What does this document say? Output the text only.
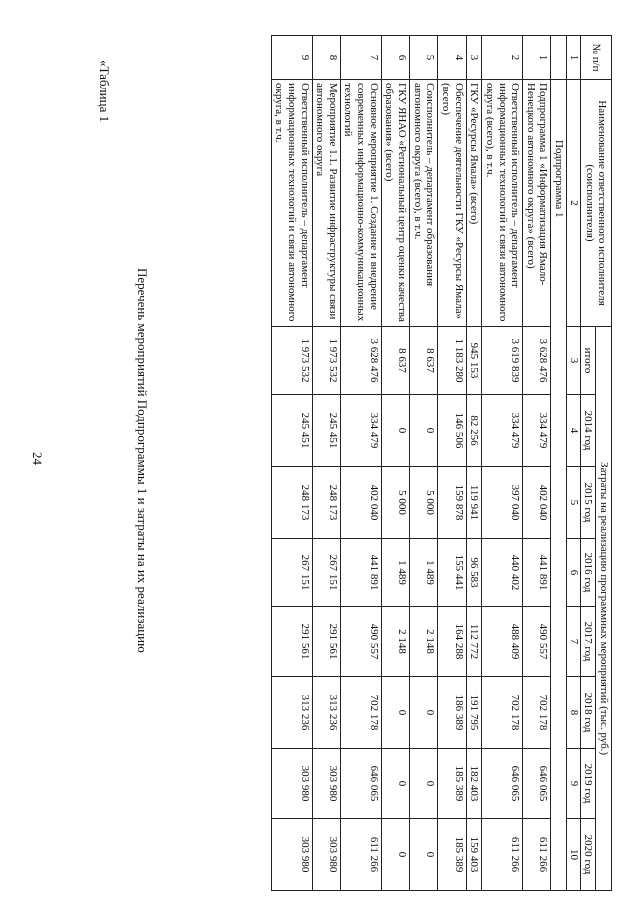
24
«Таблица 1
Перечень мероприятий Подпрограммы 1 и затраты на их реализацию
№ п/п	Наименование ответственного исполнителя (соисполнителя)	Затраты на реализацию программных мероприятий (тыс. руб.)							
		итого	2014 год	2015 год	2016 год	2017 год	2018 год	2019 год	2020 год
1	2	3	4	5	6	7	8	9	10
	Подпрограмма 1								
1	Подпрограмма 1 «Информатизация Ямало-Ненецкого автономного округа» (всего)	3 628 476	334 479	402 040	441 891	490 557	702 178	646 065	611 266
2	Ответственный исполнитель – департамент информационных технологий и связи автономного округа (всего), в т.ч.	3 619 839	334 479	397 040	440 402	488 409	702 178	646 065	611 266
3	ГКУ «Ресурсы Ямала» (всего)	945 153	82 256	119 941	96 583	112 772	191 795	182 403	159 403
4	Обеспечение деятельности ГКУ «Ресурсы Ямала» (всего)	1 183 280	146 506	159 878	155 441	164 288	186 389	185 389	185 389
5	Соисполнитель – департамент образования автономного округа (всего), в т.ч.	8 637	0	5 000	1 489	2 148	0	0	0
6	ГКУ ЯНАО «Региональный центр оценки качества образования» (всего)	8 637	0	5 000	1 489	2 148	0	0	0
7	Основное мероприятие 1. Создание и внедрение современных информационно-коммуникационных технологий	3 628 476	334 479	402 040	441 891	490 557	702 178	646 065	611 266
8	Мероприятие 1.1. Развитие инфраструктуры связи автономного округа	1 973 532	245 451	248 173	267 151	291 561	313 236	303 980	303 980
9	Ответственный исполнитель – департамент информационных технологий и связи автономного округа, в т.ч.	1 973 532	245 451	248 173	267 151	291 561	313 236	303 980	303 980
